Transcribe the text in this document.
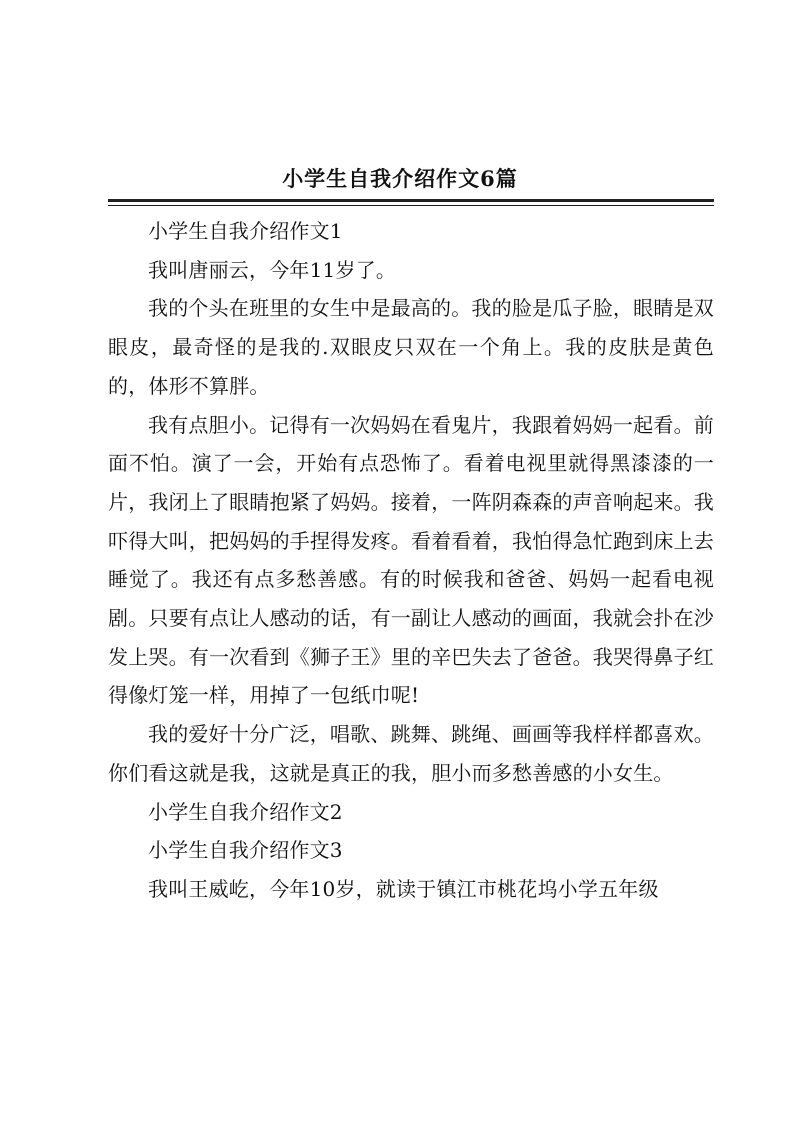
小学生自我介绍作文6篇

小学生自我介绍作文1

我叫唐丽云，今年11岁了。

我的个头在班里的女生中是最高的。我的脸是瓜子脸，眼睛是双眼皮，最奇怪的是我的.双眼皮只双在一个角上。我的皮肤是黄色的，体形不算胖。

我有点胆小。记得有一次妈妈在看鬼片，我跟着妈妈一起看。前面不怕。演了一会，开始有点恐怖了。看着电视里就得黑漆漆的一片，我闭上了眼睛抱紧了妈妈。接着，一阵阴森森的声音响起来。我吓得大叫，把妈妈的手捏得发疼。看着看着，我怕得急忙跑到床上去睡觉了。我还有点多愁善感。有的时候我和爸爸、妈妈一起看电视剧。只要有点让人感动的话，有一副让人感动的画面，我就会扑在沙发上哭。有一次看到《狮子王》里的辛巴失去了爸爸。我哭得鼻子红得像灯笼一样，用掉了一包纸巾呢!

我的爱好十分广泛，唱歌、跳舞、跳绳、画画等我样样都喜欢。你们看这就是我，这就是真正的我，胆小而多愁善感的小女生。

小学生自我介绍作文2

小学生自我介绍作文3

我叫王威屹，今年10岁，就读于镇江市桃花坞小学五年级
